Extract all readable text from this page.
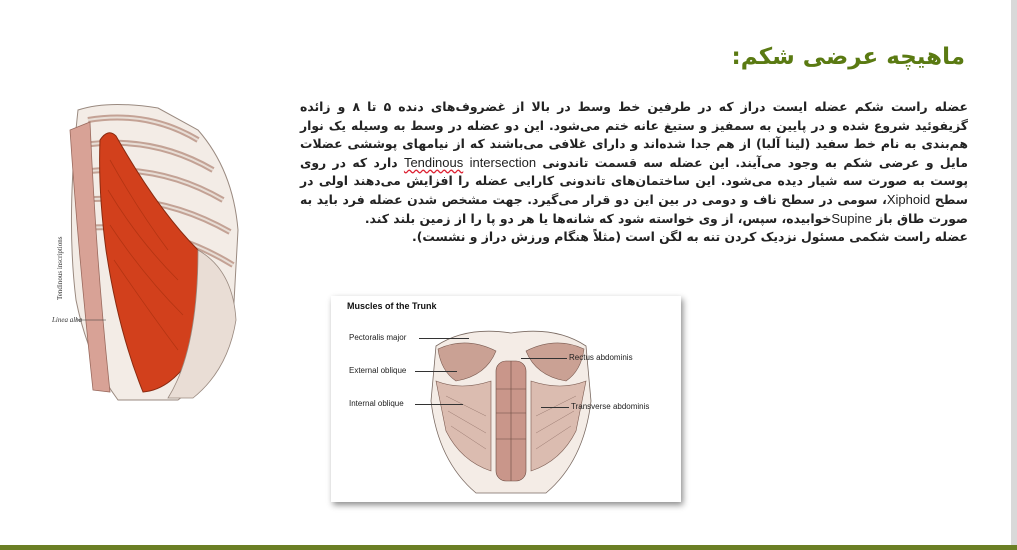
ماهیچه عرضی شکم:

عضله راست شکم عضله ایست دراز که در طرفین خط وسط در بالا از غضروف‌های دنده ۵ تا ۸ و زائده گزیفوئید شروع شده و در پایین به سمفیز و ستیغ عانه ختم می‌شود. این دو عضله در وسط به وسیله یک نوار هم‌بندی به نام خط سفید (لینا آلبا) از هم جدا شده‌اند و دارای غلافی می‌باشند که از نیامهای پوششی عضلات مایل و عرضی شکم به وجود می‌آیند. این عضله سه قسمت تاندونی Tendinous intersection دارد که در روی پوست به صورت سه شیار دیده می‌شود. این ساختمان‌های تاندونی کارایی عضله را افزایش می‌دهند اولی در سطح Xiphoid، سومی در سطح ناف و دومی در بین این دو قرار می‌گیرد. جهت مشخص شدن عضله فرد باید به صورت طاق باز Supineخوابیده، سپس، از وی خواسته شود که شانه‌ها یا هر دو پا را از زمین بلند کند.

عضله راست شکمی مسئول نزدیک کردن تنه به لگن است (مثلاً هنگام ورزش دراز و نشست).

Tendinous inscriptions
Linea alba
Muscles of the Trunk
Pectoralis major
External oblique
Internal oblique
Rectus abdominis
Transverse abdominis
